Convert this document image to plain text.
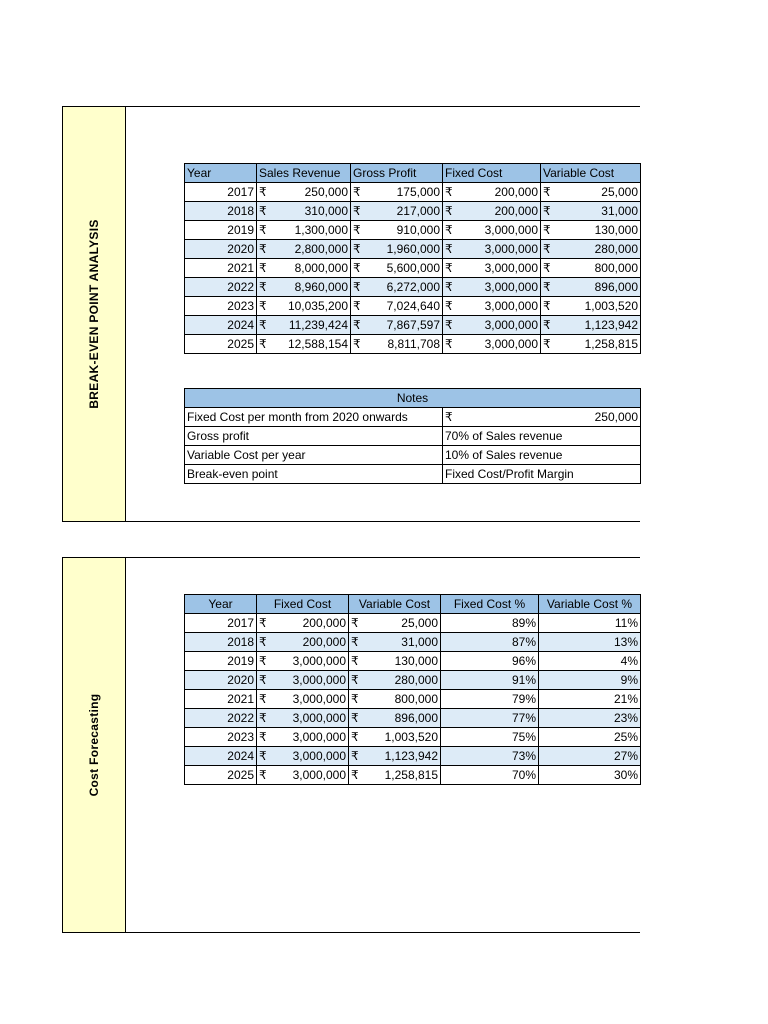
BREAK-EVEN POINT ANALYSIS
Year	Sales Revenue	Gross Profit	Fixed Cost	Variable Cost
2017	₹ 250,000	₹ 175,000	₹ 200,000	₹ 25,000

2018	₹ 310,000	₹ 217,000	₹ 200,000	₹ 31,000

2019	₹ 1,300,000	₹ 910,000	₹ 3,000,000	₹ 130,000

2020	₹ 2,800,000	₹ 1,960,000	₹ 3,000,000	₹ 280,000

2021	₹ 8,000,000	₹ 5,600,000	₹ 3,000,000	₹ 800,000

2022	₹ 8,960,000	₹ 6,272,000	₹ 3,000,000	₹ 896,000

2023	₹ 10,035,200	₹ 7,024,640	₹ 3,000,000	₹ 1,003,520

2024	₹ 11,239,424	₹ 7,867,597	₹ 3,000,000	₹ 1,123,942

2025	₹ 12,588,154	₹ 8,811,708	₹ 3,000,000	₹ 1,258,815
Notes	
Fixed Cost per month from 2020 onwards	₹ 250,000

Gross profit	70% of Sales revenue
Variable Cost per year	10% of Sales revenue
Break-even point	Fixed Cost/Profit Margin
Cost Forecasting
Year	Fixed Cost	Variable Cost	Fixed Cost %	Variable Cost %
2017	₹ 200,000	₹ 25,000	89%	11%
2018	₹ 200,000	₹ 31,000	87%	13%
2019	₹ 3,000,000	₹ 130,000	96%	4%
2020	₹ 3,000,000	₹ 280,000	91%	9%
2021	₹ 3,000,000	₹ 800,000	79%	21%
2022	₹ 3,000,000	₹ 896,000	77%	23%
2023	₹ 3,000,000	₹ 1,003,520	75%	25%
2024	₹ 3,000,000	₹ 1,123,942	73%	27%
2025	₹ 3,000,000	₹ 1,258,815	70%	30%
